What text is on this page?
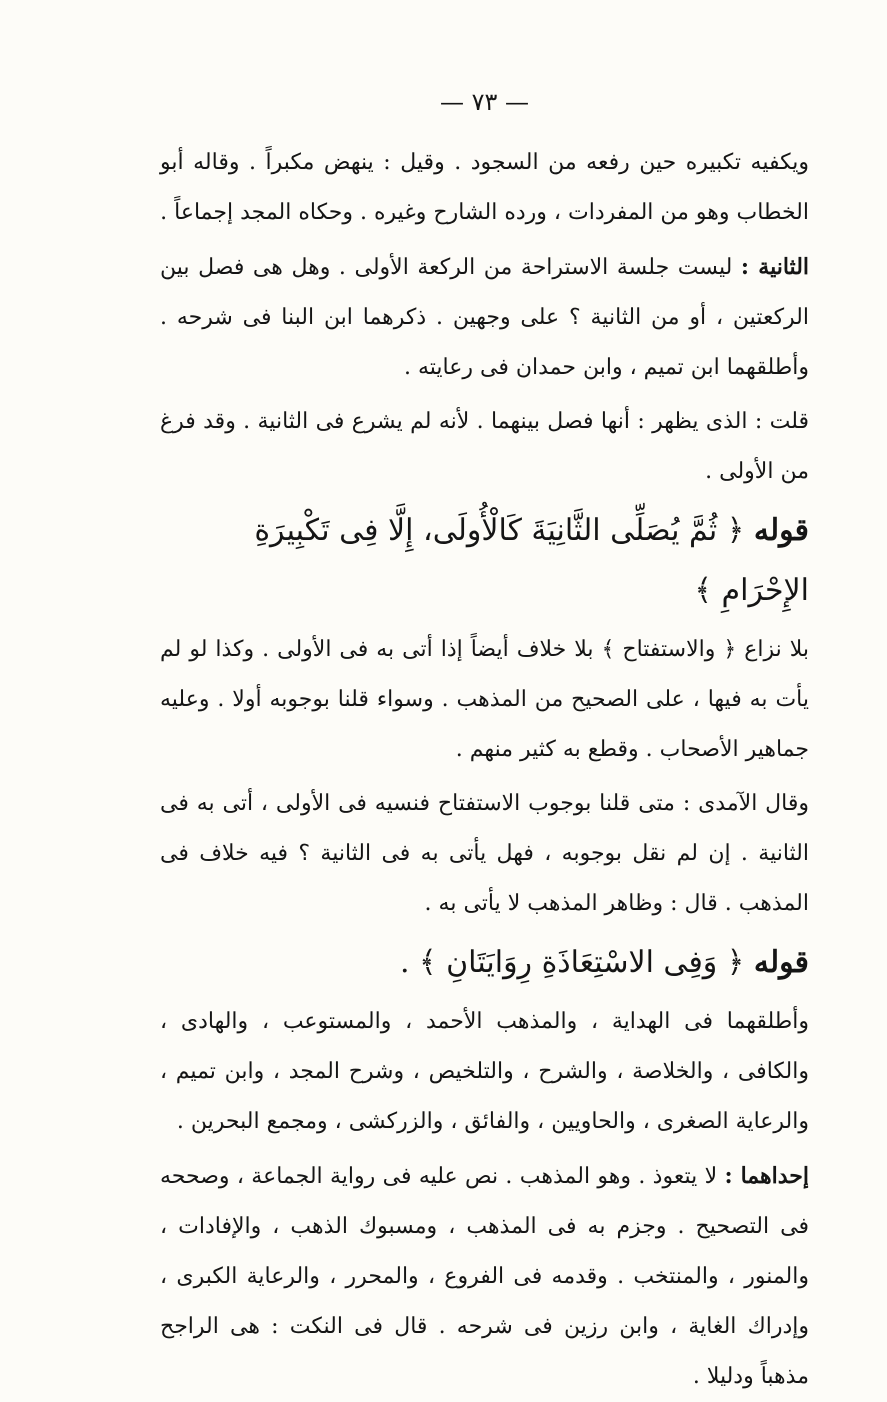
— ٧٣ —

ويكفيه تكبيره حين رفعه من السجود . وقيل : ينهض مكبراً . وقاله أبو الخطاب وهو من المفردات ، ورده الشارح وغيره . وحكاه المجد إجماعاً .

الثانية : ليست جلسة الاستراحة من الركعة الأولى . وهل هى فصل بين الركعتين ، أو من الثانية ؟ على وجهين . ذكرهما ابن البنا فى شرحه . وأطلقهما ابن تميم ، وابن حمدان فى رعايته .

قلت : الذى يظهر : أنها فصل بينهما . لأنه لم يشرع فى الثانية . وقد فرغ من الأولى .

قوله ﴿ ثُمَّ يُصَلِّى الثَّانِيَةَ كَالْأُولَى، إِلَّا فِى تَكْبِيرَةِ الإِحْرَامِ ﴾

بلا نزاع ﴿ والاستفتاح ﴾ بلا خلاف أيضاً إذا أتى به فى الأولى . وكذا لو لم يأت به فيها ، على الصحيح من المذهب . وسواء قلنا بوجوبه أولا . وعليه جماهير الأصحاب . وقطع به كثير منهم .

وقال الآمدى : متى قلنا بوجوب الاستفتاح فنسيه فى الأولى ، أتى به فى الثانية . إن لم نقل بوجوبه ، فهل يأتى به فى الثانية ؟ فيه خلاف فى المذهب . قال : وظاهر المذهب لا يأتى به .

قوله ﴿ وَفِى الاسْتِعَاذَةِ رِوَايَتَانِ ﴾ .

وأطلقهما فى الهداية ، والمذهب الأحمد ، والمستوعب ، والهادى ، والكافى ، والخلاصة ، والشرح ، والتلخيص ، وشرح المجد ، وابن تميم ، والرعاية الصغرى ، والحاويين ، والفائق ، والزركشى ، ومجمع البحرين .

إحداهما : لا يتعوذ . وهو المذهب . نص عليه فى رواية الجماعة ، وصححه فى التصحيح . وجزم به فى المذهب ، ومسبوك الذهب ، والإفادات ، والمنور ، والمنتخب . وقدمه فى الفروع ، والمحرر ، والرعاية الكبرى ، وإدراك الغاية ، وابن رزين فى شرحه . قال فى النكت : هى الراجح مذهباً ودليلا .
